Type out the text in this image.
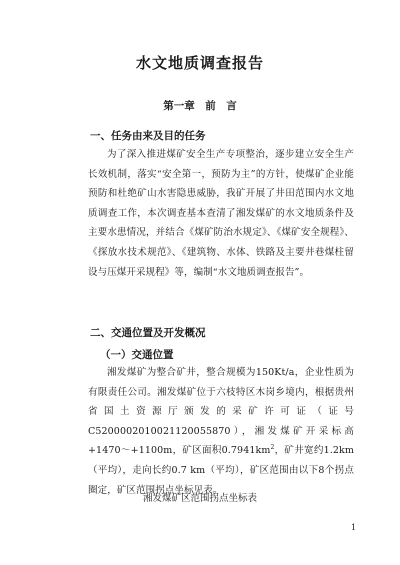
水文地质调查报告
第一章　前　言
一、任务由来及目的任务

为了深入推进煤矿安全生产专项整治，逐步建立安全生产长效机制，落实“安全第一，预防为主”的方针，使煤矿企业能预防和杜绝矿山水害隐患威胁，我矿开展了井田范围内水文地质调查工作，本次调查基本查清了湘发煤矿的水文地质条件及主要水患情况，并结合《煤矿防治水规定》、《煤矿安全规程》、《探放水技术规范》、《建筑物、水体、铁路及主要井巷煤柱留设与压煤开采规程》等，编制“水文地质调查报告”。

二、交通位置及开发概况
（一）交通位置

湘发煤矿为整合矿井，整合规模为150Kt/a，企业性质为有限责任公司。湘发煤矿位于六枝特区木岗乡境内，根据贵州省国土资源厅颁发的采矿许可证（证号C5200002010021120055870），湘发煤矿开采标高+1470～+1100m，矿区面积$0.7941km^2$，矿井宽约1.2km（平均），走向长约0.7 km（平均），矿区范围由以下8个拐点圈定，矿区范围拐点坐标见表。

湘发煤矿区范围拐点坐标表

1
